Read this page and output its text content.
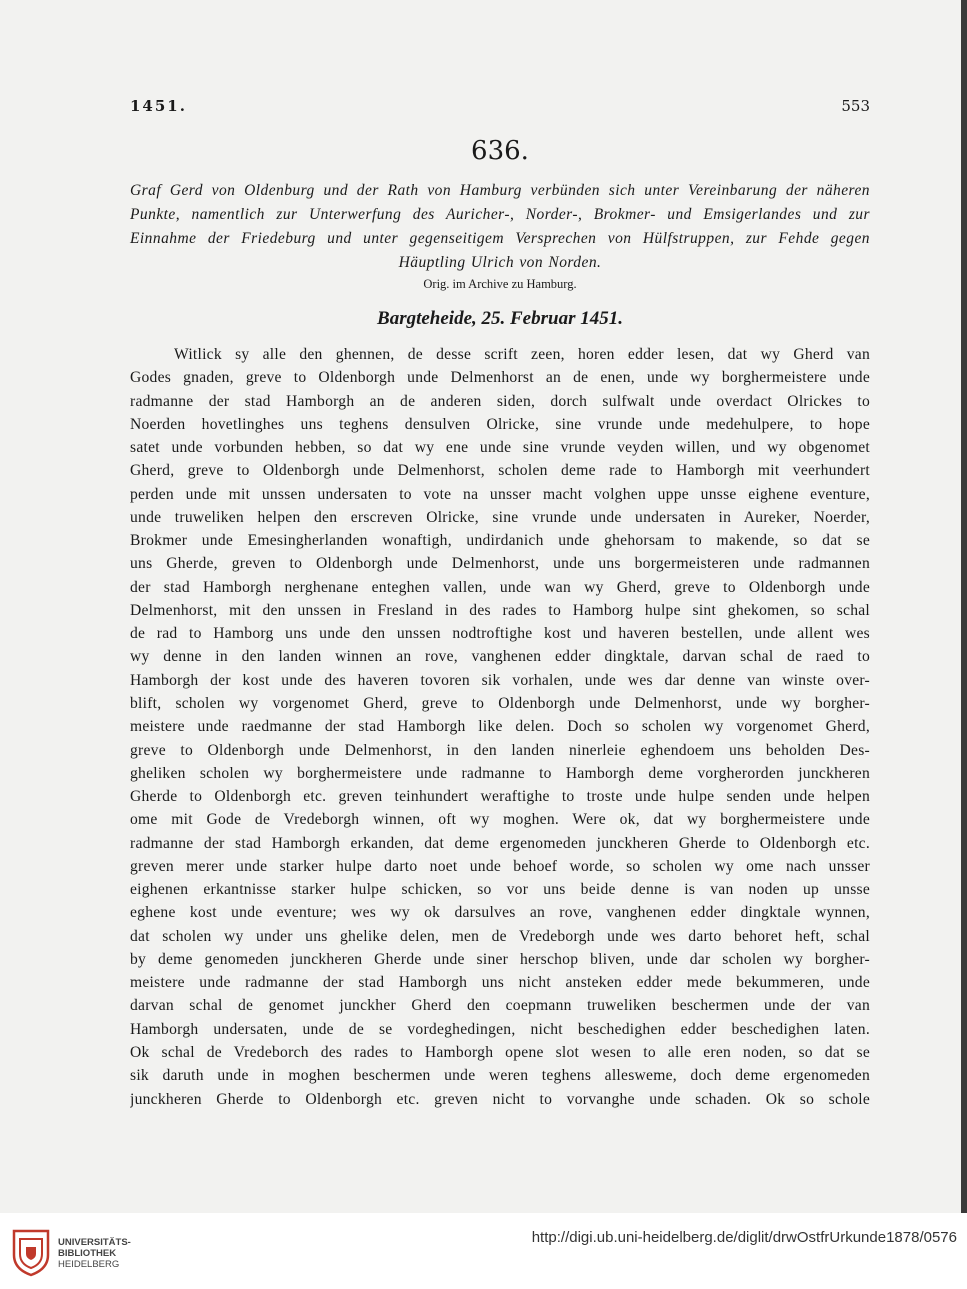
1451.	553
636.
Graf Gerd von Oldenburg und der Rath von Hamburg verbünden sich unter Vereinbarung der näheren Punkte, namentlich zur Unterwerfung des Auricher-, Norder-, Brokmer- und Emsigerlandes und zur Einnahme der Friedeburg und unter gegenseitigem Versprechen von Hülfstruppen, zur Fehde gegen Häuptling Ulrich von Norden.
Orig. im Archive zu Hamburg.
Bargteheide, 25. Februar 1451.
Witlick sy alle den ghennen, de desse scrift zeen, horen edder lesen, dat wy Gherd van
Godes gnaden, greve to Oldenborgh unde Delmenhorst an de enen, unde wy borghermeistere unde
radmanne der stad Hamborgh an de anderen siden, dorch sulfwalt unde overdact Olrickes to
Noerden hovetlinghes uns teghens densulven Olricke, sine vrunde unde medehulpere, to hope
satet unde vorbunden hebben, so dat wy ene unde sine vrunde veyden willen, und wy obgenomet
Gherd, greve to Oldenborgh unde Delmenhorst, scholen deme rade to Hamborgh mit veerhundert
perden unde mit unssen undersaten to vote na unsser macht volghen uppe unsse eighene eventure,
unde truweliken helpen den erscreven Olricke, sine vrunde unde undersaten in Aureker, Noerder,
Brokmer unde Emesingherlanden wonaftigh, undirdanich unde ghehorsam to makende, so dat se
uns Gherde, greven to Oldenborgh unde Delmenhorst, unde uns borgermeisteren unde radmannen
der stad Hamborgh nerghenane enteghen vallen, unde wan wy Gherd, greve to Oldenborgh unde
Delmenhorst, mit den unssen in Fresland in des rades to Hamborg hulpe sint ghekomen, so schal
de rad to Hamborg uns unde den unssen nodtroftighe kost und haveren bestellen, unde allent wes
wy denne in den landen winnen an rove, vanghenen edder dingktale, darvan schal de raed to
Hamborgh der kost unde des haveren tovoren sik vorhalen, unde wes dar denne van winste over-
blift, scholen wy vorgenomet Gherd, greve to Oldenborgh unde Delmenhorst, unde wy borgher-
meistere unde raedmanne der stad Hamborgh like delen. Doch so scholen wy vorgenomet Gherd,
greve to Oldenborgh unde Delmenhorst, in den landen ninerleie eghendoem uns beholden Des-
gheliken scholen wy borghermeistere unde radmanne to Hamborgh deme vorgherorden junckheren
Gherde to Oldenborgh etc. greven teinhundert weraftighe to troste unde hulpe senden unde helpen
ome mit Gode de Vredeborgh winnen, oft wy moghen. Were ok, dat wy borghermeistere unde
radmanne der stad Hamborgh erkanden, dat deme ergenomeden junckheren Gherde to Oldenborgh etc.
greven merer unde starker hulpe darto noet unde behoef worde, so scholen wy ome nach unsser
eighenen erkantnisse starker hulpe schicken, so vor uns beide denne is van noden up unsse
eghene kost unde eventure; wes wy ok darsulves an rove, vanghenen edder dingktale wynnen,
dat scholen wy under uns ghelike delen, men de Vredeborgh unde wes darto behoret heft, schal
by deme genomeden junckheren Gherde unde siner herschop bliven, unde dar scholen wy borgher-
meistere unde radmanne der stad Hamborgh uns nicht ansteken edder mede bekummeren, unde
darvan schal de genomet junckher Gherd den coepmann truweliken beschermen unde der van
Hamborgh undersaten, unde de se vordeghedingen, nicht beschedighen edder beschedighen laten.
Ok schal de Vredeborch des rades to Hamborgh opene slot wesen to alle eren noden, so dat se
sik daruth unde in moghen beschermen unde weren teghens allesweme, doch deme ergenomeden
junckheren Gherde to Oldenborgh etc. greven nicht to vorvanghe unde schaden. Ok so schole
UNIVERSITÄTS-
BIBLIOTHEK
HEIDELBERG
http://digi.ub.uni-heidelberg.de/diglit/drwOstfrUrkunde1878/0576
